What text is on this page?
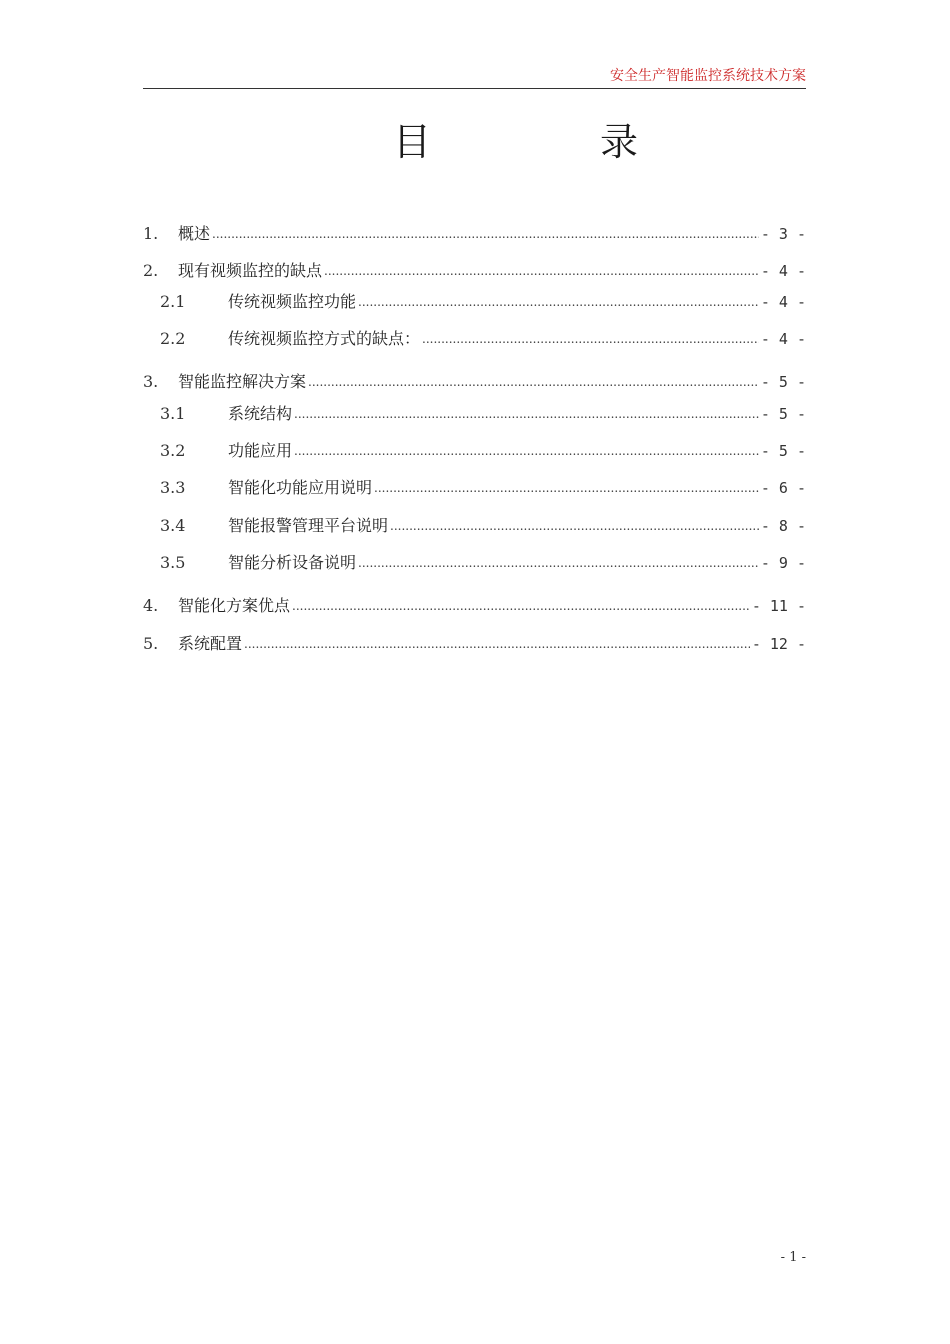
安全生产智能监控系统技术方案
目	录
1.	概述 .....	- 3 -
2.	现有视频监控的缺点 .....	- 4 -
2.1	传统视频监控功能 .....	- 4 -
2.2	传统视频监控方式的缺点： .....	- 4 -
3.	智能监控解决方案 .....	- 5 -
3.1	系统结构 .....	- 5 -
3.2	功能应用 .....	- 5 -
3.3	智能化功能应用说明 .....	- 6 -
3.4	智能报警管理平台说明 .....	- 8 -
3.5	智能分析设备说明 .....	- 9 -
4.	智能化方案优点 .....	- 11 -
5.	系统配置 .....	- 12 -
- 1 -
